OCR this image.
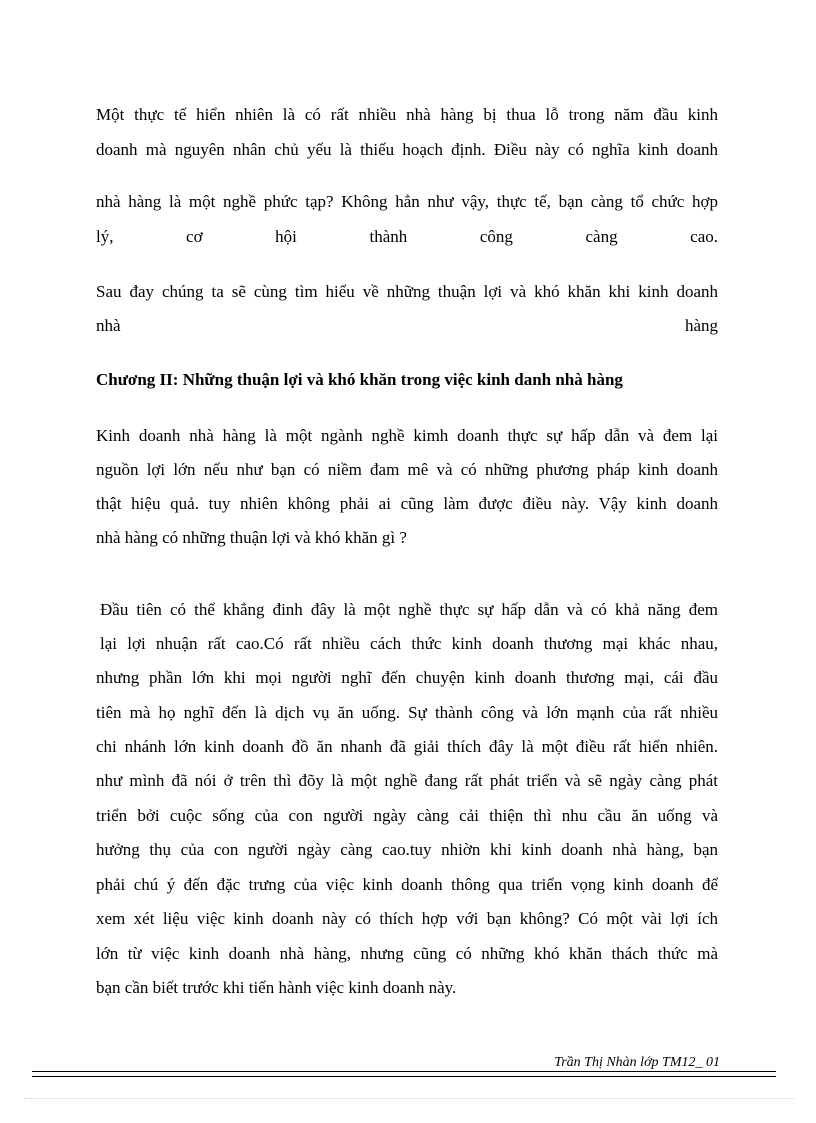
Một thực tế hiển nhiên là có rất nhiều nhà hàng bị thua lỗ trong năm đầu kinh

doanh mà nguyên nhân chủ yếu là thiếu hoạch định. Điều này có nghĩa kinh doanh

nhà hàng là một nghề phức tạp? Không hẳn như vậy, thực tế, bạn càng tổ chức hợp

lý, cơ hội thành công càng cao.

Sau đay chúng ta sẽ cùng tìm hiểu về những thuận lợi và khó khăn khi kinh doanh

nhà hàng

Chương II: Những thuận lợi và khó khăn trong việc kinh danh nhà hàng

Kinh doanh nhà hàng là một ngành nghề kimh doanh thực sự hấp dẫn và đem lại

nguồn lợi lớn nếu như bạn có niềm đam mê và có những phương pháp kinh doanh

thật hiệu quả. tuy nhiên không phải ai cũng làm được điều này. Vậy kinh doanh

nhà hàng có những thuận lợi và khó khăn gì ?

Đầu tiên có thể khẳng đinh đây là một nghề thực sự hấp dẫn và có khả năng đem

lại lợi nhuận rất cao.Có rất nhiều cách thức kinh doanh thương mại khác nhau,

nhưng phần lớn khi mọi người nghĩ đến chuyện kinh doanh thương mại, cái đầu

tiên mà họ nghĩ đến là dịch vụ ăn uống. Sự thành công và lớn mạnh của rất nhiều

chi nhánh lớn kinh doanh đồ ăn nhanh đã giải thích đây là một điều rất hiển nhiên.

như mình đã nói ở trên thì đõy là một nghề đang rất phát triển và sẽ ngày càng phát

triển bởi cuộc sống của con người ngày càng cải thiện thì nhu cầu ăn uống và

hưởng thụ của con người ngày càng cao.tuy nhiờn khi kinh doanh nhà hàng, bạn

phải chú ý đến đặc trưng của việc kinh doanh thông qua triển vọng kinh doanh để

xem xét liệu việc kinh doanh này có thích hợp với bạn không? Có một vài lợi ích

lớn từ việc kinh doanh nhà hàng, nhưng cũng có những khó khăn thách thức mà

bạn cần biết trước khi tiến hành việc kinh doanh này.

Trần Thị Nhàn lớp TM12_ 01
